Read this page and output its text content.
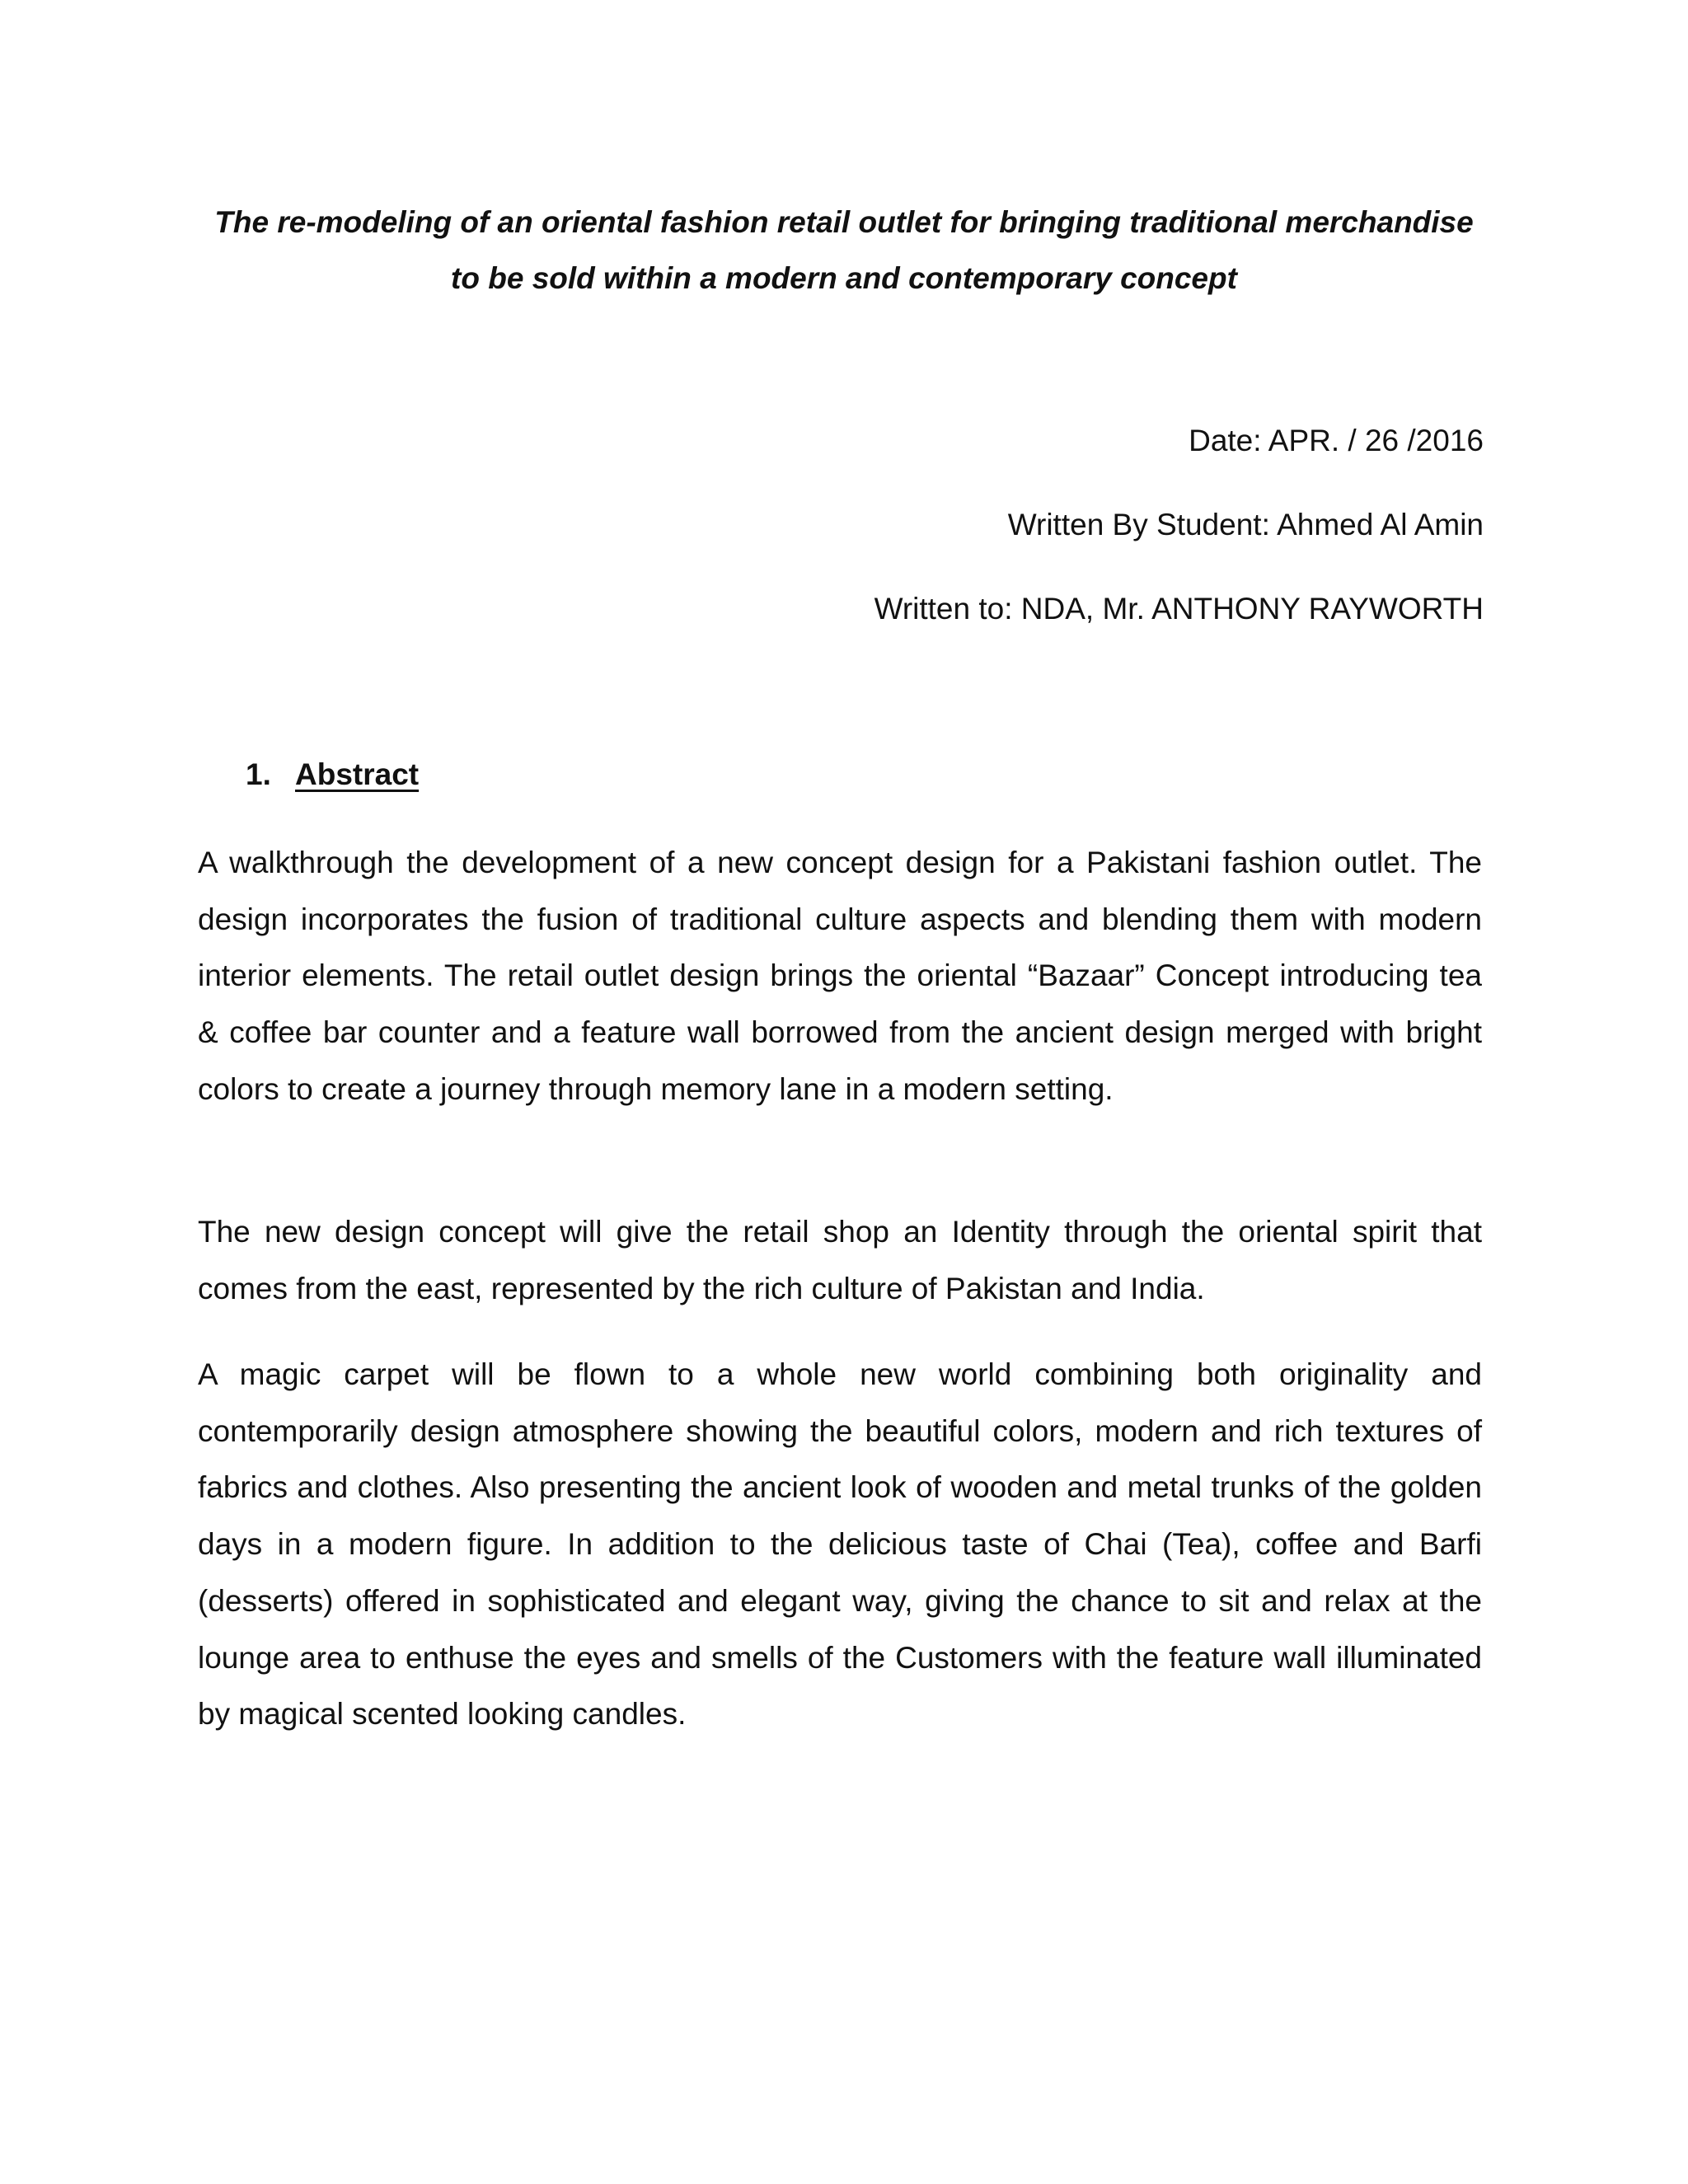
The re-modeling of an oriental fashion retail outlet for bringing traditional merchandise to be sold within a modern and contemporary concept

Date: APR. / 26 /2016

Written By Student: Ahmed Al Amin

Written to: NDA, Mr. ANTHONY RAYWORTH

1. Abstract

A walkthrough the development of a new concept design for a Pakistani fashion outlet. The design incorporates the fusion of traditional culture aspects and blending them with modern interior elements. The retail outlet design brings the oriental “Bazaar” Concept introducing tea & coffee bar counter and a feature wall borrowed from the ancient design merged with bright colors to create a journey through memory lane in a modern setting.

The new design concept will give the retail shop an Identity through the oriental spirit that comes from the east, represented by the rich culture of Pakistan and India.

A magic carpet will be flown to a whole new world combining both originality and contemporarily design atmosphere showing the beautiful colors, modern and rich textures of fabrics and clothes. Also presenting the ancient look of wooden and metal trunks of the golden days in a modern figure. In addition to the delicious taste of Chai (Tea), coffee and Barfi (desserts) offered in sophisticated and elegant way, giving the chance to sit and relax at the lounge area to enthuse the eyes and smells of the Customers with the feature wall illuminated by magical scented looking candles.
